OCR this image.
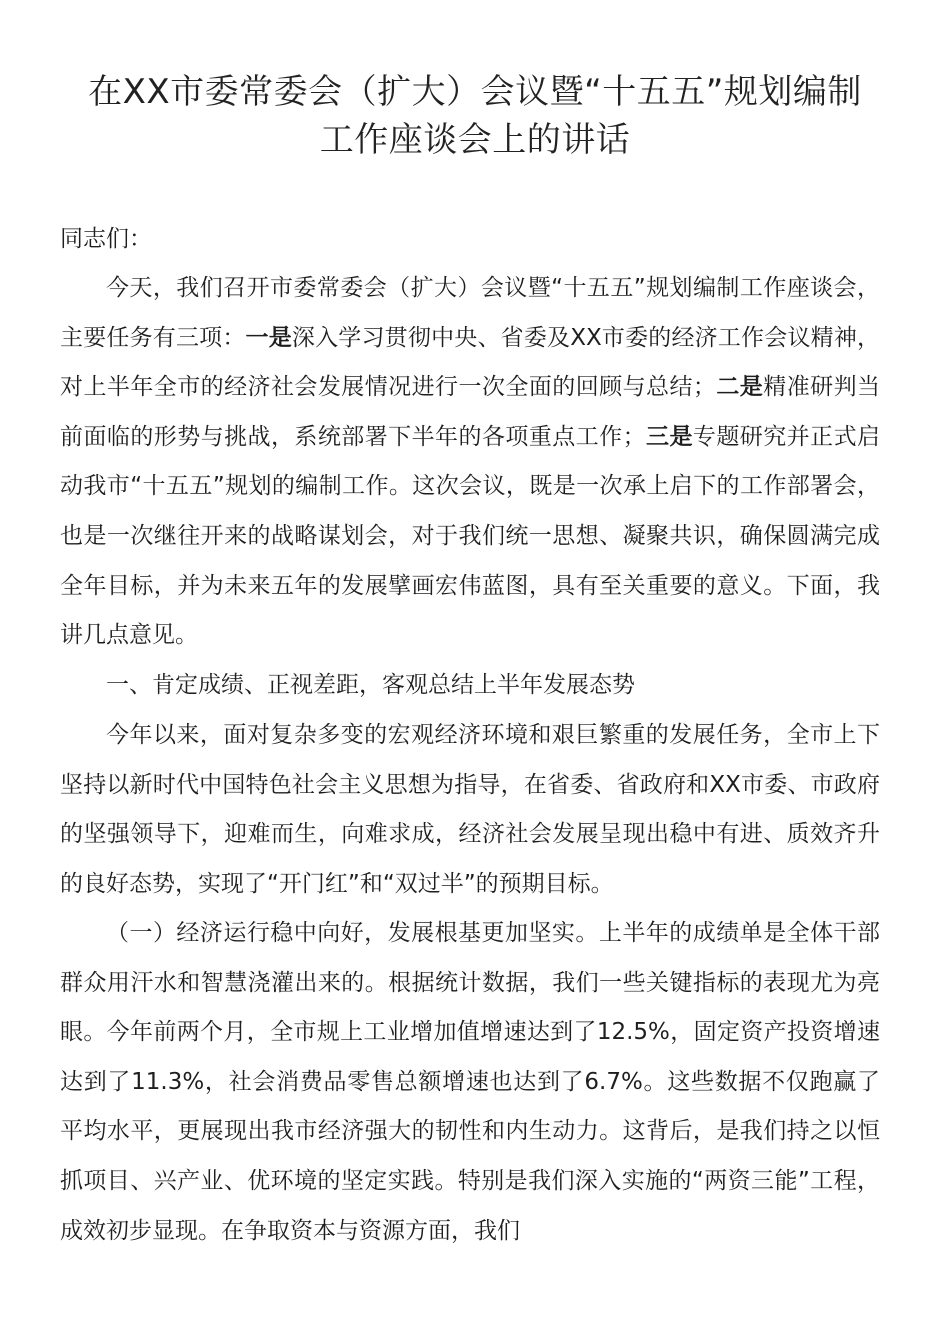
在XX市委常委会（扩大）会议暨“十五五”规划编制
工作座谈会上的讲话

同志们：

今天，我们召开市委常委会（扩大）会议暨“十五五”规划编制工作座谈会，主要任务有三项：一是深入学习贯彻中央、省委及XX市委的经济工作会议精神，对上半年全市的经济社会发展情况进行一次全面的回顾与总结；二是精准研判当前面临的形势与挑战，系统部署下半年的各项重点工作；三是专题研究并正式启动我市“十五五”规划的编制工作。这次会议，既是一次承上启下的工作部署会，也是一次继往开来的战略谋划会，对于我们统一思想、凝聚共识，确保圆满完成全年目标，并为未来五年的发展擘画宏伟蓝图，具有至关重要的意义。下面，我讲几点意见。

一、肯定成绩、正视差距，客观总结上半年发展态势

今年以来，面对复杂多变的宏观经济环境和艰巨繁重的发展任务，全市上下坚持以新时代中国特色社会主义思想为指导，在省委、省政府和XX市委、市政府的坚强领导下，迎难而生，向难求成，经济社会发展呈现出稳中有进、质效齐升的良好态势，实现了“开门红”和“双过半”的预期目标。

（一）经济运行稳中向好，发展根基更加坚实。上半年的成绩单是全体干部群众用汗水和智慧浇灌出来的。根据统计数据，我们一些关键指标的表现尤为亮眼。今年前两个月，全市规上工业增加值增速达到了12.5%，固定资产投资增速达到了11.3%，社会消费品零售总额增速也达到了6.7%。这些数据不仅跑赢了平均水平，更展现出我市经济强大的韧性和内生动力。这背后，是我们持之以恒抓项目、兴产业、优环境的坚定实践。特别是我们深入实施的“两资三能”工程，成效初步显现。在争取资本与资源方面，我们
